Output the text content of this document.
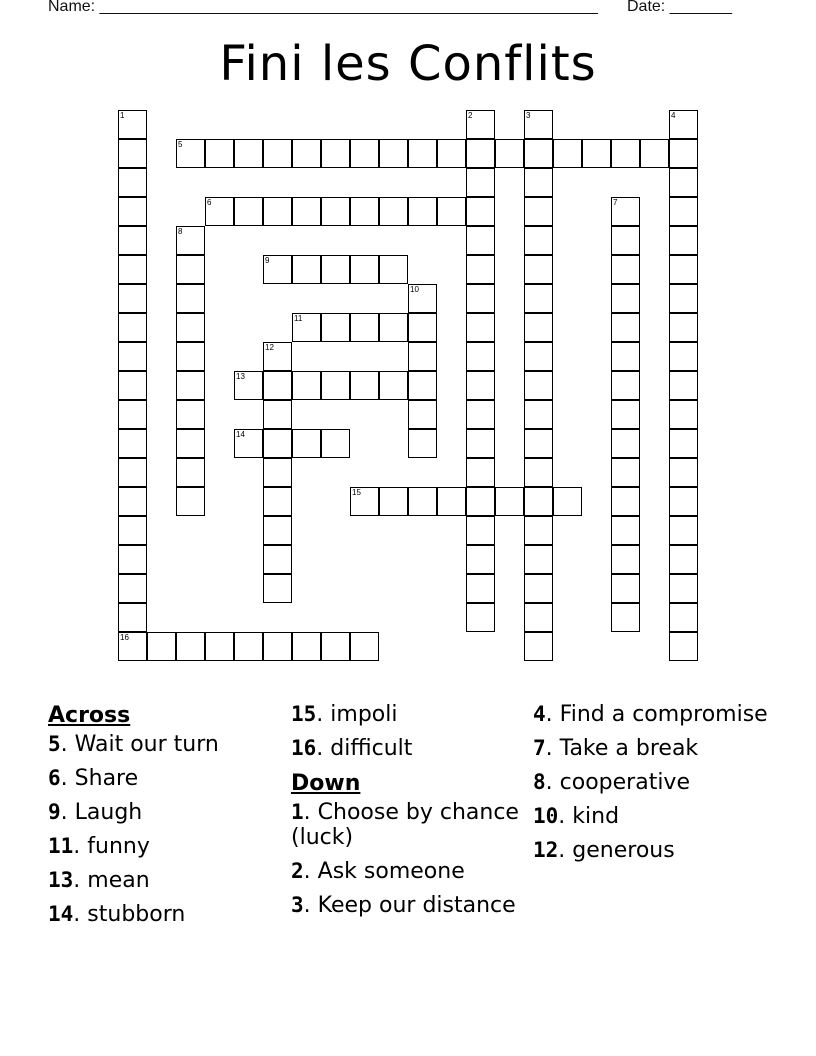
Name: ________________________________________________________ Date: _______
Fini les Conflits
5
6
9
11
13
14
15
16
1	2	3	4
7
8
10
12
Across
5. Wait our turn
6. Share
9. Laugh
11. funny
13. mean
14. stubborn
15. impoli
16. difficult
Down
1. Choose by chance (luck)
2. Ask someone
3. Keep our distance
4. Find a compromise
7. Take a break
8. cooperative
10. kind
12. generous
